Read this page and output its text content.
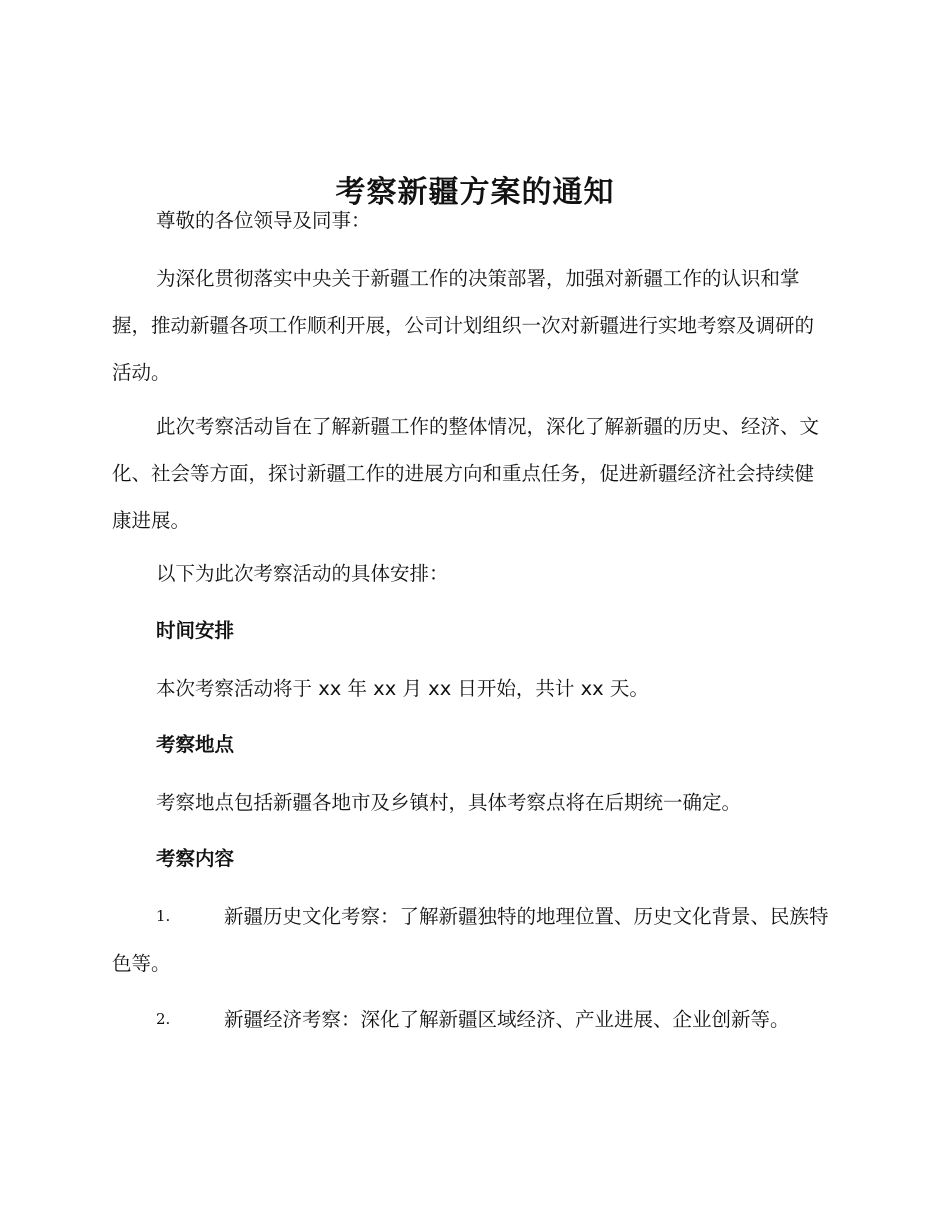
考察新疆方案的通知

尊敬的各位领导及同事：

为深化贯彻落实中央关于新疆工作的决策部署，加强对新疆工作的认识和掌握，推动新疆各项工作顺利开展，公司计划组织一次对新疆进行实地考察及调研的活动。

此次考察活动旨在了解新疆工作的整体情况，深化了解新疆的历史、经济、文化、社会等方面，探讨新疆工作的进展方向和重点任务，促进新疆经济社会持续健康进展。

以下为此次考察活动的具体安排：

时间安排

本次考察活动将于 xx 年 xx 月 xx 日开始，共计 xx 天。

考察地点

考察地点包括新疆各地市及乡镇村，具体考察点将在后期统一确定。

考察内容

1.	新疆历史文化考察：了解新疆独特的地理位置、历史文化背景、民族特色等。
2.	新疆经济考察：深化了解新疆区域经济、产业进展、企业创新等。
